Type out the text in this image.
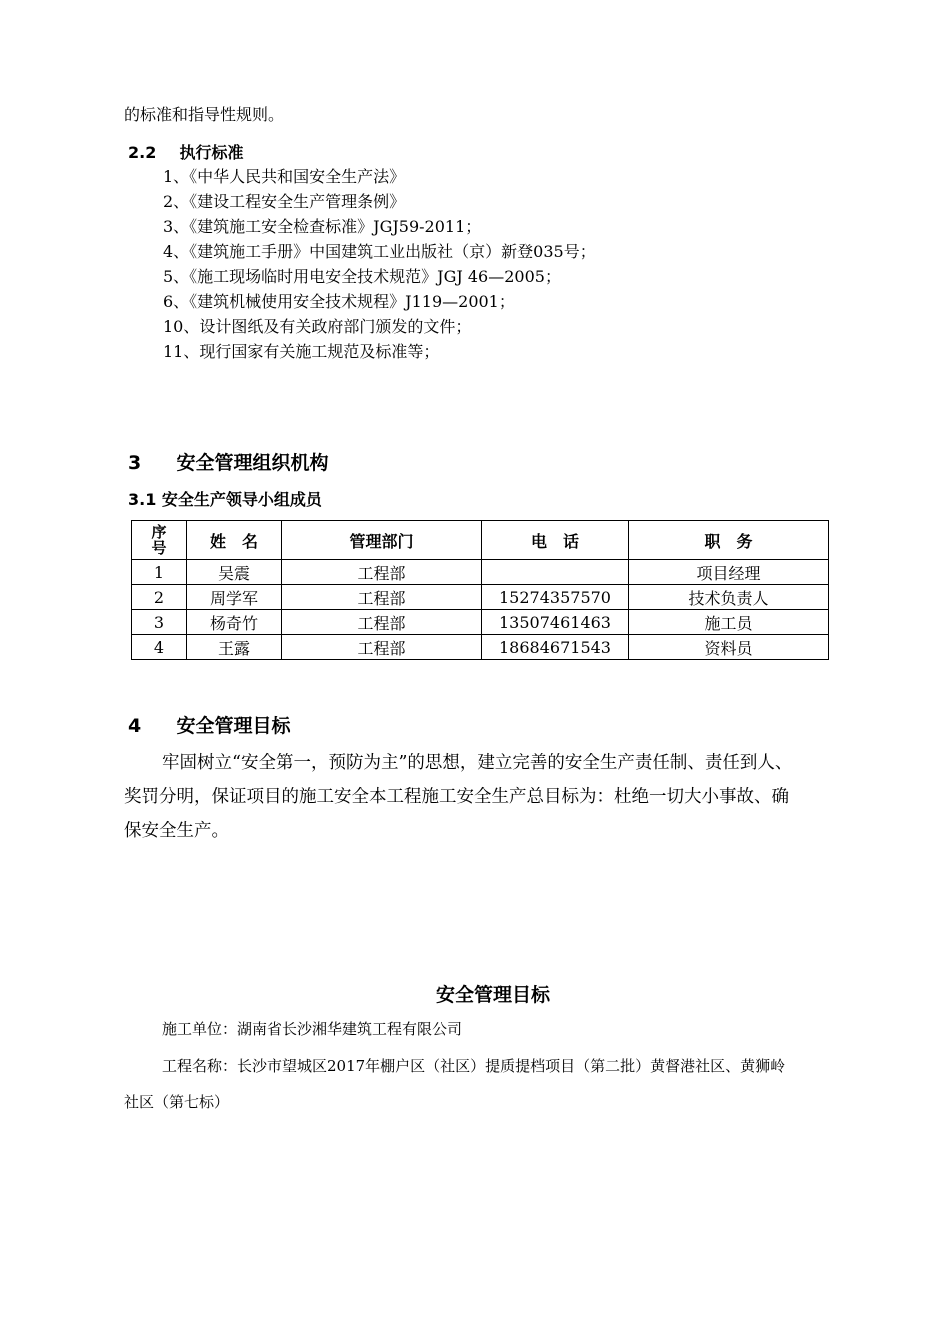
的标准和指导性规则。
2.2 执行标准
1、《中华人民共和国安全生产法》
2、《建设工程安全生产管理条例》
3、《建筑施工安全检查标准》JGJ59-2011；
4、《建筑施工手册》中国建筑工业出版社（京）新登035号；
5、《施工现场临时用电安全技术规范》JGJ 46—2005；
6、《建筑机械使用安全技术规程》J119—2001；
10、设计图纸及有关政府部门颁发的文件；
11、现行国家有关施工规范及标准等；
3 安全管理组织机构
3.1 安全生产领导小组成员
序号	姓　名	管理部门	电　话	职　务
1	吴震	工程部		项目经理
2	周学军	工程部	15274357570	技术负责人
3	杨奇竹	工程部	13507461463	施工员
4	王露	工程部	18684671543	资料员
4 安全管理目标
牢固树立“安全第一，预防为主”的思想，建立完善的安全生产责任制、责任到人、
奖罚分明，保证项目的施工安全本工程施工安全生产总目标为：杜绝一切大小事故、确
保安全生产。
安全管理目标
施工单位：湖南省长沙湘华建筑工程有限公司
工程名称：长沙市望城区2017年棚户区（社区）提质提档项目（第二批）黄督港社区、黄狮岭
社区（第七标）
